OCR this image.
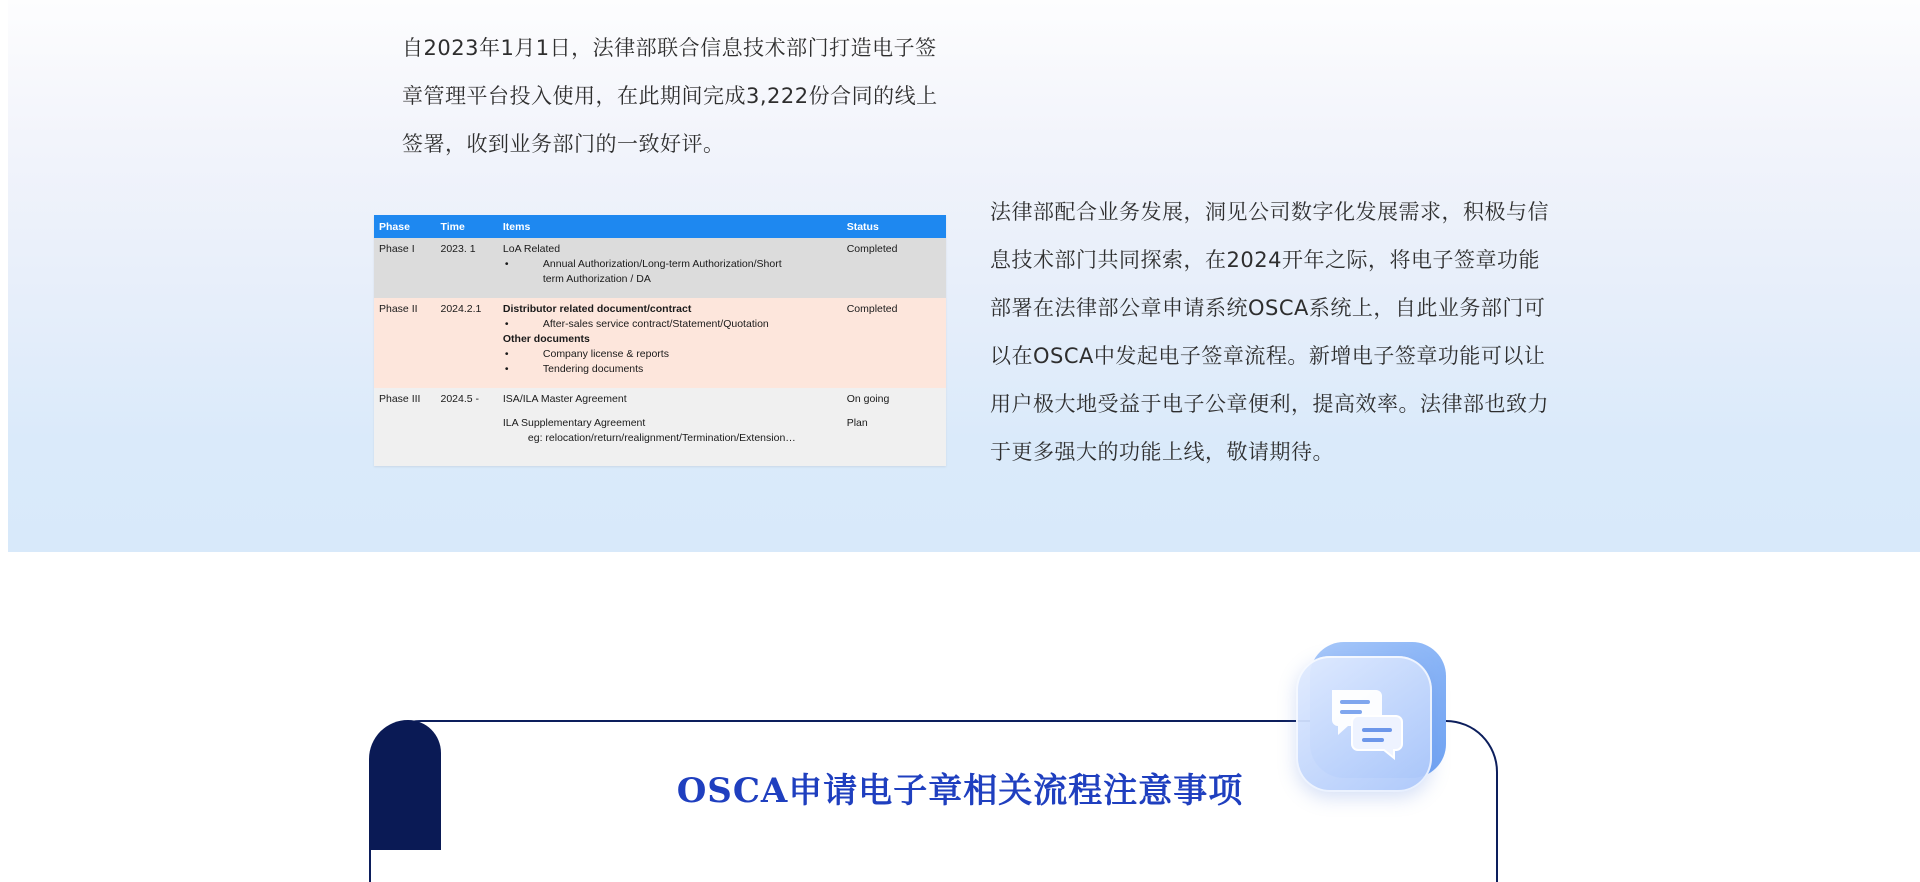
自2023年1月1日，法律部联合信息技术部门打造电子签章管理平台投入使用，在此期间完成3,222份合同的线上签署，收到业务部门的一致好评。

Phase	Time	Items	Status
Phase I	2023. 1	LoA Related
• Annual Authorization/Long-term Authorization/Short
term Authorization / DA	Completed
Phase II	2024.2.1	Distributor related document/contract
• After-sales service contract/Statement/Quotation
Other documents
• Company license & reports
• Tendering documents	Completed
Phase III	2024.5 -	ISA/ILA Master Agreement
ILA Supplementary Agreement
eg: relocation/return/realignment/Termination/Extension…	On going
Plan

法律部配合业务发展，洞见公司数字化发展需求，积极与信息技术部门共同探索，在2024开年之际，将电子签章功能部署在法律部公章申请系统OSCA系统上，自此业务部门可以在OSCA中发起电子签章流程。新增电子签章功能可以让用户极大地受益于电子公章便利，提高效率。法律部也致力于更多强大的功能上线，敬请期待。

OSCA申请电子章相关流程注意事项
